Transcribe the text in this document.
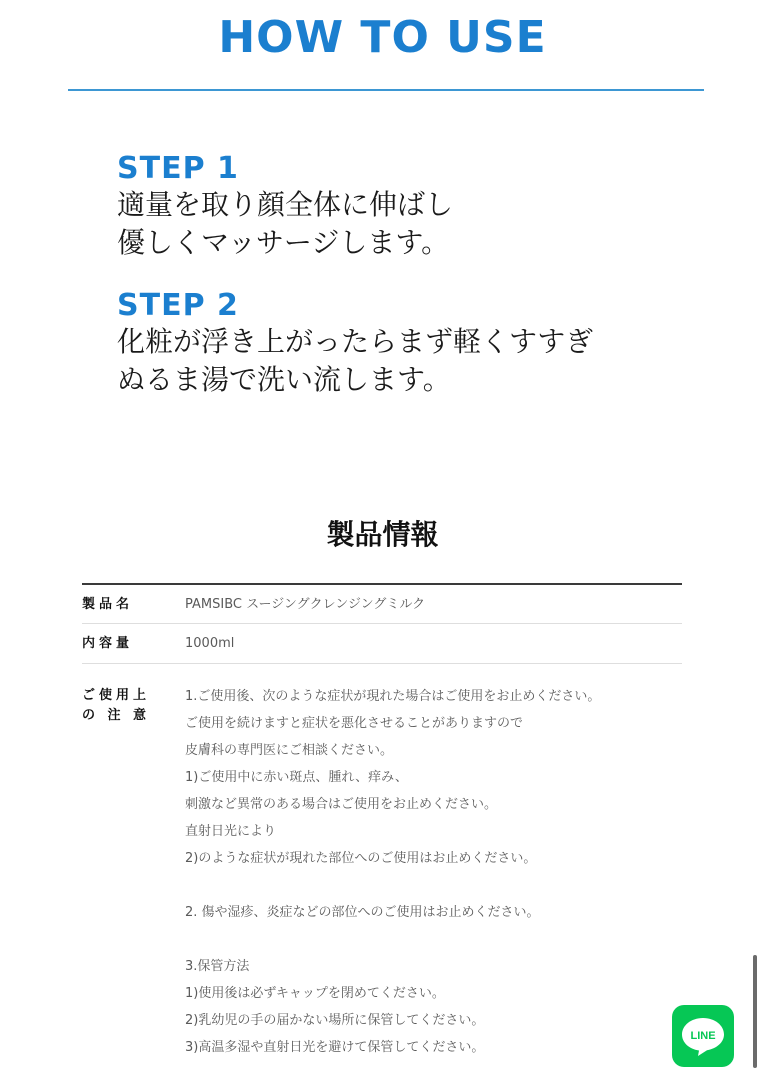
HOW TO USE
STEP 1
適量を取り顔全体に伸ばし
優しくマッサージします。
STEP 2
化粧が浮き上がったらまず軽くすすぎ
ぬるま湯で洗い流します。
製品情報
製品名	PAMSIBC スージングクレンジングミルク
内容量	1000ml
ご使用上
の 注 意
1.ご使用後、次のような症状が現れた場合はご使用をお止めください。
ご使用を続けますと症状を悪化させることがありますので
皮膚科の専門医にご相談ください。
1)ご使用中に赤い斑点、腫れ、痒み、
刺激など異常のある場合はご使用をお止めください。
直射日光により
2)のような症状が現れた部位へのご使用はお止めください。
2. 傷や湿疹、炎症などの部位へのご使用はお止めください。
3.保管方法
1)使用後は必ずキャップを閉めてください。
2)乳幼児の手の届かない場所に保管してください。
3)高温多湿や直射日光を避けて保管してください。
LINE
